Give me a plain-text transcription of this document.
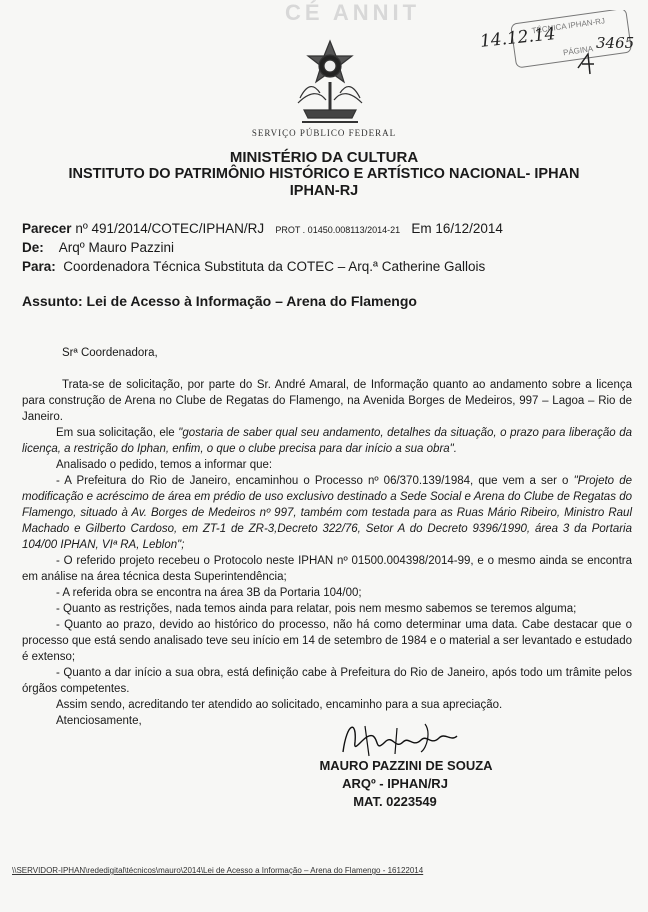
CÉ ANNIT
SERVIÇO PÚBLICO FEDERAL
MINISTÉRIO DA CULTURA
INSTITUTO DO PATRIMÔNIO HISTÓRICO E ARTÍSTICO NACIONAL- IPHAN
IPHAN-RJ
TÉCNICA IPHAN-RJ
PÁGINA
14.12.14	3465
Parecer nº 491/2014/COTEC/IPHAN/RJ PROT . 01450.008113/2014-21 Em 16/12/2014
De: Arqº Mauro Pazzini
Para: Coordenadora Técnica Substituta da COTEC – Arq.ª Catherine Gallois
Assunto: Lei de Acesso à Informação – Arena do Flamengo

Srª Coordenadora,

Trata-se de solicitação, por parte do Sr. André Amaral, de Informação quanto ao andamento sobre a licença para construção de Arena no Clube de Regatas do Flamengo, na Avenida Borges de Medeiros, 997 – Lagoa – Rio de Janeiro.

Em sua solicitação, ele "gostaria de saber qual seu andamento, detalhes da situação, o prazo para liberação da licença, a restrição do Iphan, enfim, o que o clube precisa para dar início a sua obra".

Analisado o pedido, temos a informar que:

- A Prefeitura do Rio de Janeiro, encaminhou o Processo nº 06/370.139/1984, que vem a ser o "Projeto de modificação e acréscimo de área em prédio de uso exclusivo destinado a Sede Social e Arena do Clube de Regatas do Flamengo, situado à Av. Borges de Medeiros nº 997, também com testada para as Ruas Mário Ribeiro, Ministro Raul Machado e Gilberto Cardoso, em ZT-1 de ZR-3,Decreto 322/76, Setor A do Decreto 9396/1990, área 3 da Portaria 104/00 IPHAN, VIª RA, Leblon";

- O referido projeto recebeu o Protocolo neste IPHAN nº 01500.004398/2014-99, e o mesmo ainda se encontra em análise na área técnica desta Superintendência;

- A referida obra se encontra na área 3B da Portaria 104/00;

- Quanto as restrições, nada temos ainda para relatar, pois nem mesmo sabemos se teremos alguma;

- Quanto ao prazo, devido ao histórico do processo, não há como determinar uma data. Cabe destacar que o processo que está sendo analisado teve seu início em 14 de setembro de 1984 e o material a ser levantado e estudado é extenso;

- Quanto a dar início a sua obra, está definição cabe à Prefeitura do Rio de Janeiro, após todo um trâmite pelos órgãos competentes.

Assim sendo, acreditando ter atendido ao solicitado, encaminho para a sua apreciação.

Atenciosamente,

MAURO PAZZINI DE SOUZA
ARQº - IPHAN/RJ
MAT. 0223549
\\SERVIDOR-IPHAN\rededigital\técnicos\mauro\2014\Lei de Acesso a Informação – Arena do Flamengo - 16122014
